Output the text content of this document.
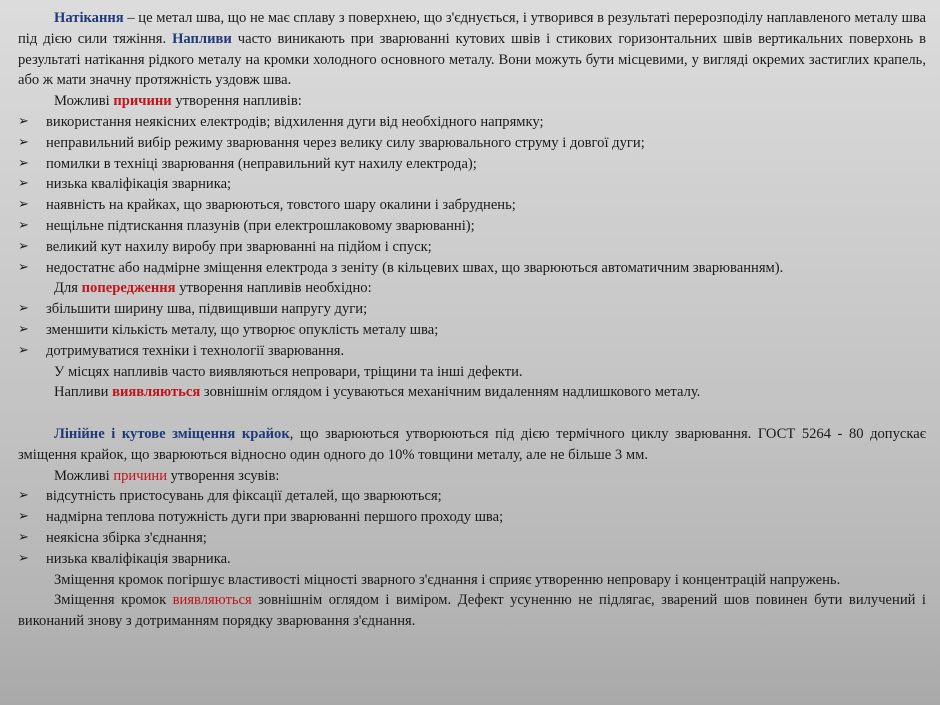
Натікання – це метал шва, що не має сплаву з поверхнею, що з'єднується, і утворився в результаті перерозподілу наплавленого металу шва під дією сили тяжіння. Напливи часто виникають при зварюванні кутових швів і стикових горизонтальних швів вертикальних поверхонь в результаті натікання рідкого металу на кромки холодного основного металу. Вони можуть бути місцевими, у вигляді окремих застиглих крапель, або ж мати значну протяжність уздовж шва.

Можливі причини утворення напливів:

➢	використання неякісних електродів; відхилення дуги від необхідного напрямку;
➢	неправильний вибір режиму зварювання через велику силу зварювального струму і довгої дуги;
➢	помилки в техніці зварювання (неправильний кут нахилу електрода);
➢	низька кваліфікація зварника;
➢	наявність на крайках, що зварюються, товстого шару окалини і забруднень;
➢	нещільне підтискання плазунів (при електрошлаковому зварюванні);
➢	великий кут нахилу виробу при зварюванні на підйом і спуск;
➢	недостатнє або надмірне зміщення електрода з зеніту (в кільцевих швах, що зварюються автоматичним зварюванням).

Для попередження утворення напливів необхідно:

➢	збільшити ширину шва, підвищивши напругу дуги;
➢	зменшити кількість металу, що утворює опуклість металу шва;
➢	дотримуватися техніки і технології зварювання.

У місцях напливів часто виявляються непровари, тріщини та інші дефекти.

Напливи виявляються зовнішнім оглядом і усуваються механічним видаленням надлишкового металу.

Лінійне і кутове зміщення крайок, що зварюються утворюються під дією термічного циклу зварювання. ГОСТ 5264 - 80 допускає зміщення крайок, що зварюються відносно один одного до 10% товщини металу, але не більше 3 мм.

Можливі причини утворення зсувів:

➢	відсутність пристосувань для фіксації деталей, що зварюються;
➢	надмірна теплова потужність дуги при зварюванні першого проходу шва;
➢	неякісна збірка з'єднання;
➢	низька кваліфікація зварника.

Зміщення кромок погіршує властивості міцності зварного з'єднання і сприяє утворенню непровару і концентрацій напружень.

Зміщення кромок виявляються зовнішнім оглядом і виміром. Дефект усуненню не підлягає, зварений шов повинен бути вилучений і виконаний знову з дотриманням порядку зварювання з'єднання.
